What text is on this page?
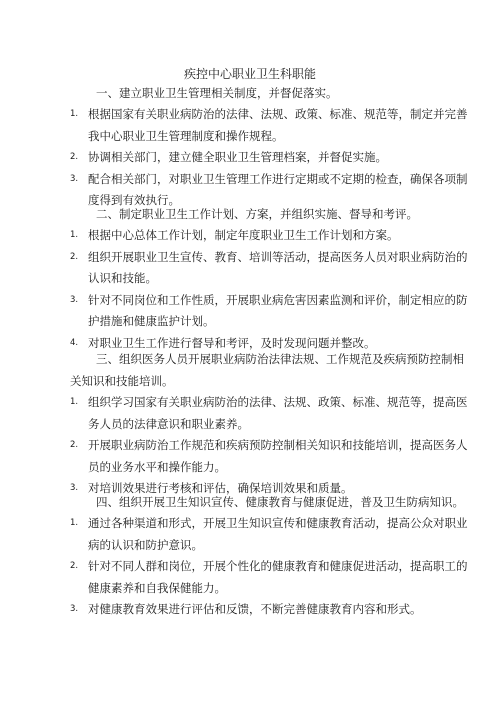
疾控中心职业卫生科职能

一、建立职业卫生管理相关制度，并督促落实。

1. 根据国家有关职业病防治的法律、法规、政策、标准、规范等，制定并完善我中心职业卫生管理制度和操作规程。
2. 协调相关部门，建立健全职业卫生管理档案，并督促实施。
3. 配合相关部门，对职业卫生管理工作进行定期或不定期的检查，确保各项制度得到有效执行。

二、制定职业卫生工作计划、方案，并组织实施、督导和考评。

1. 根据中心总体工作计划，制定年度职业卫生工作计划和方案。
2. 组织开展职业卫生宣传、教育、培训等活动，提高医务人员对职业病防治的认识和技能。
3. 针对不同岗位和工作性质，开展职业病危害因素监测和评价，制定相应的防护措施和健康监护计划。
4. 对职业卫生工作进行督导和考评，及时发现问题并整改。

三、组织医务人员开展职业病防治法律法规、工作规范及疾病预防控制相关知识和技能培训。

1. 组织学习国家有关职业病防治的法律、法规、政策、标准、规范等，提高医务人员的法律意识和职业素养。
2. 开展职业病防治工作规范和疾病预防控制相关知识和技能培训，提高医务人员的业务水平和操作能力。
3. 对培训效果进行考核和评估，确保培训效果和质量。

四、组织开展卫生知识宣传、健康教育与健康促进，普及卫生防病知识。

1. 通过各种渠道和形式，开展卫生知识宣传和健康教育活动，提高公众对职业病的认识和防护意识。
2. 针对不同人群和岗位，开展个性化的健康教育和健康促进活动，提高职工的健康素养和自我保健能力。
3. 对健康教育效果进行评估和反馈，不断完善健康教育内容和形式。
